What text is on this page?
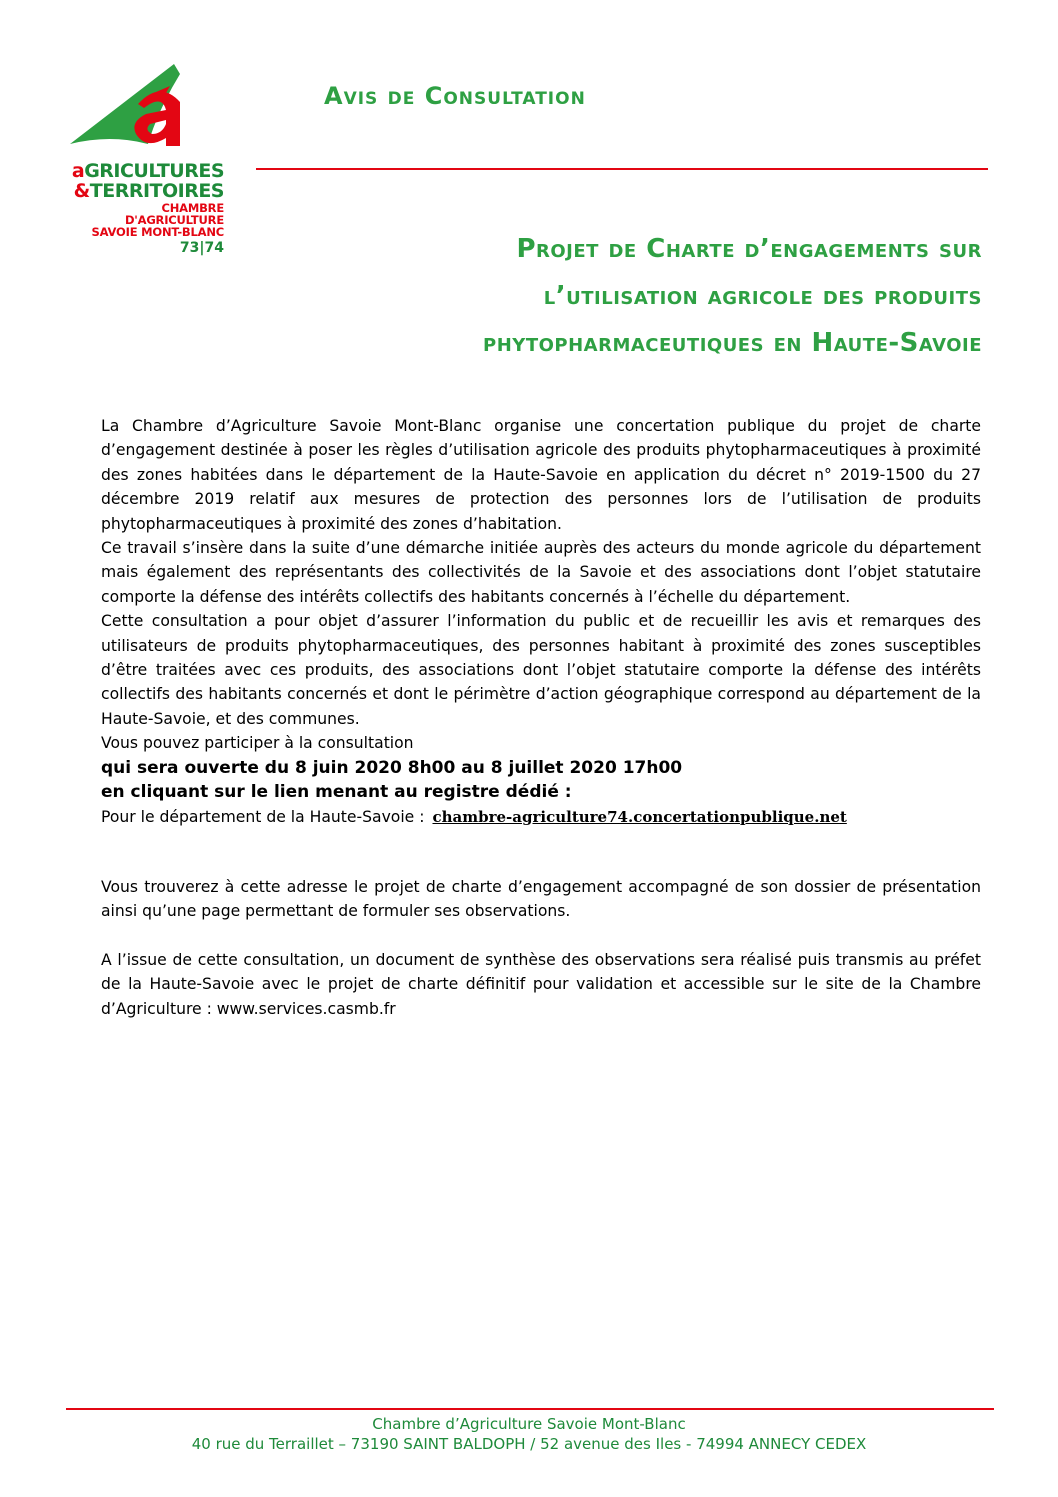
aGRICULTURES
&TERRITOIRES
CHAMBRE D'AGRICULTURE
SAVOIE MONT-BLANC
73|74
Avis de Consultation
Projet de Charte d’engagements sur
l’utilisation agricole des produits
phytopharmaceutiques en Haute-Savoie

La Chambre d’Agriculture Savoie Mont-Blanc organise une concertation publique du projet de charte d’engagement destinée à poser les règles d’utilisation agricole des produits phytopharmaceutiques à proximité des zones habitées dans le département de la Haute-Savoie en application du décret n° 2019-1500 du 27 décembre 2019 relatif aux mesures de protection des personnes lors de l’utilisation de produits phytopharmaceutiques à proximité des zones d’habitation.

Ce travail s’insère dans la suite d’une démarche initiée auprès des acteurs du monde agricole du département mais également des représentants des collectivités de la Savoie et des associations dont l’objet statutaire comporte la défense des intérêts collectifs des habitants concernés à l’échelle du département.

Cette consultation a pour objet d’assurer l’information du public et de recueillir les avis et remarques des utilisateurs de produits phytopharmaceutiques, des personnes habitant à proximité des zones susceptibles d’être traitées avec ces produits, des associations dont l’objet statutaire comporte la défense des intérêts collectifs des habitants concernés et dont le périmètre d’action géographique correspond au département de la Haute-Savoie, et des communes.

Vous pouvez participer à la consultation

qui sera ouverte du 8 juin 2020 8h00 au 8 juillet 2020 17h00

en cliquant sur le lien menant au registre dédié :

Pour le département de la Haute-Savoie : chambre-agriculture74.concertationpublique.net

Vous trouverez à cette adresse le projet de charte d’engagement accompagné de son dossier de présentation ainsi qu’une page permettant de formuler ses observations.

A l’issue de cette consultation, un document de synthèse des observations sera réalisé puis transmis au préfet de la Haute-Savoie avec le projet de charte définitif pour validation et accessible sur le site de la Chambre d’Agriculture : www.services.casmb.fr

Chambre d’Agriculture Savoie Mont-Blanc
40 rue du Terraillet – 73190 SAINT BALDOPH / 52 avenue des Iles - 74994 ANNECY CEDEX
